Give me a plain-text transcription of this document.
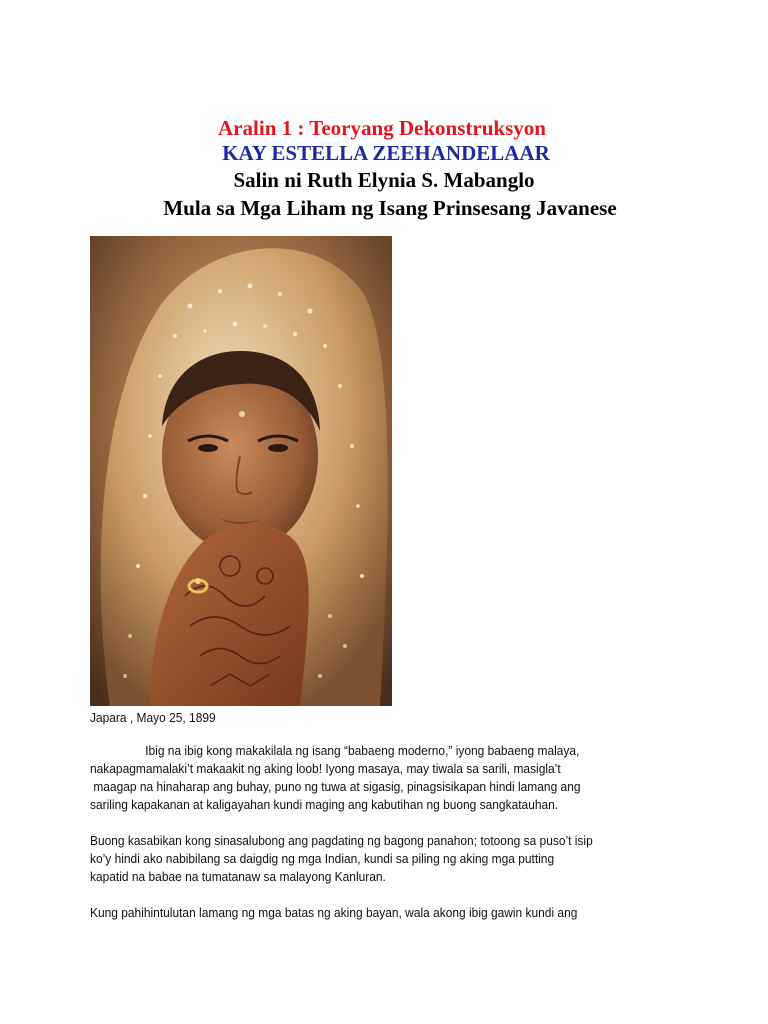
Aralin 1 : Teoryang Dekonstruksyon
KAY ESTELLA ZEEHANDELAAR
Salin ni Ruth Elynia S. Mabanglo
Mula sa Mga Liham ng Isang Prinsesang Javanese
Japara , Mayo 25, 1899
Ibig na ibig kong makakilala ng isang “babaeng moderno,” iyong babaeng malaya,
nakapagmamalaki’t makaakit ng aking loob! Iyong masaya, may tiwala sa sarili, masigla’t
maagap na hinaharap ang buhay, puno ng tuwa at sigasig, pinagsisikapan hindi lamang ang
sariling kapakanan at kaligayahan kundi maging ang kabutihan ng buong sangkatauhan.
Buong kasabikan kong sinasalubong ang pagdating ng bagong panahon; totoong sa puso’t isip
ko’y hindi ako nabibilang sa daigdig ng mga Indian, kundi sa piling ng aking mga putting
kapatid na babae na tumatanaw sa malayong Kanluran.
Kung pahihintulutan lamang ng mga batas ng aking bayan, wala akong ibig gawin kundi ang
